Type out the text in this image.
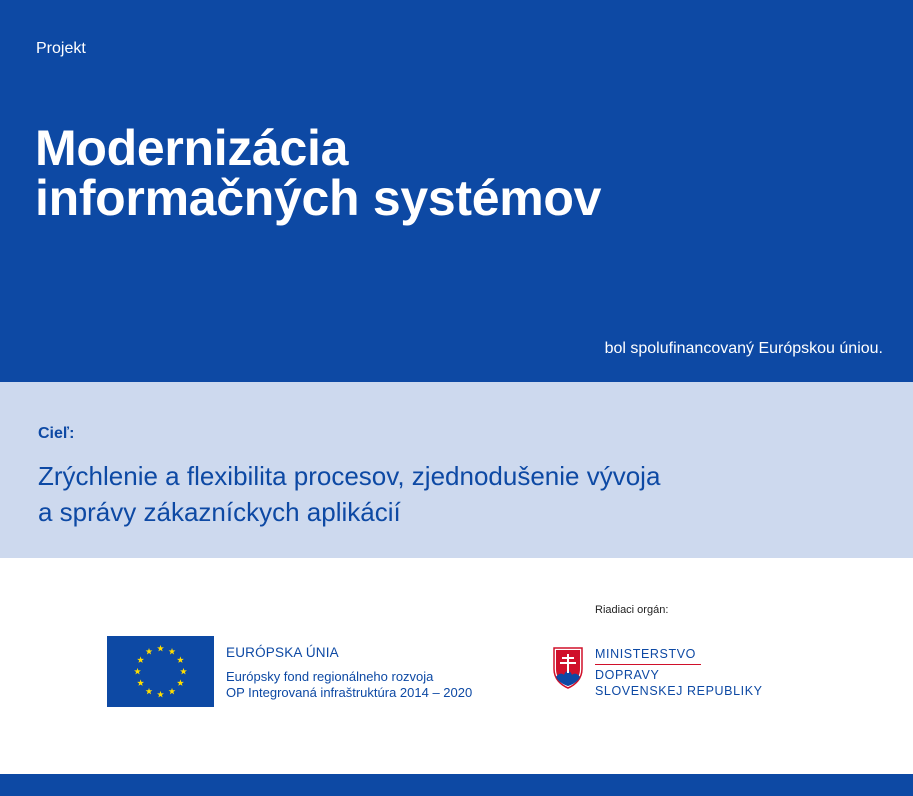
Projekt
Modernizácia
informačných systémov
bol spolufinancovaný Európskou úniou.
Cieľ:
Zrýchlenie a flexibilita procesov, zjednodušenie vývoja
a správy zákazníckych aplikácií
EURÓPSKA ÚNIA
Európsky fond regionálneho rozvoja
OP Integrovaná infraštruktúra 2014 – 2020
Riadiaci orgán:
MINISTERSTVO
DOPRAVY
SLOVENSKEJ REPUBLIKY
